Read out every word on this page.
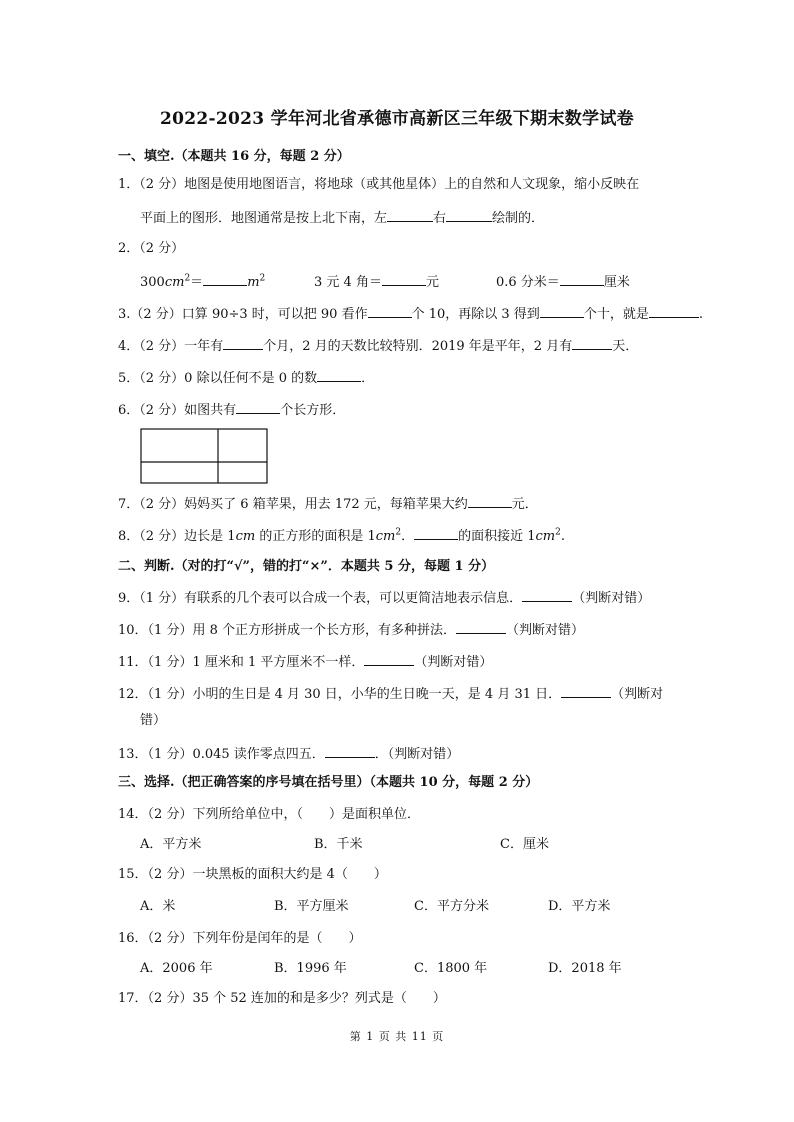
2022-2023 学年河北省承德市高新区三年级下期末数学试卷
一、填空.（本题共 16 分，每题 2 分）
1．（2 分）地图是使用地图语言，将地球（或其他星体）上的自然和人文现象，缩小反映在
平面上的图形．地图通常是按上北下南，左	右	绘制的．
2．（2 分）
$300cm^2=$	$m^2$	3 元 4 角＝	元	0.6 分米＝	厘米
3.（2 分）口算 90÷3 时，可以把 90 看作	个 10，再除以 3 得到	个十，就是	.
4．（2 分）一年有	个月，2 月的天数比较特别．2019 年是平年，2 月有	天．
5．（2 分）0 除以任何不是 0 的数	．
6．（2 分）如图共有	个长方形．
7．（2 分）妈妈买了 6 箱苹果，用去 172 元，每箱苹果大约	元．
8．（2 分）边长是 1cm 的正方形的面积是 $1cm^2$．	的面积接近 $1cm^2$.
二、判断.（对的打“√”，错的打“×”．本题共 5 分，每题 1 分）
9．（1 分）有联系的几个表可以合成一个表，可以更简洁地表示信息．	（判断对错）
10．（1 分）用 8 个正方形拼成一个长方形，有多种拼法．	（判断对错）
11．（1 分）1 厘米和 1 平方厘米不一样．	（判断对错）
12．（1 分）小明的生日是 4 月 30 日，小华的生日晚一天，是 4 月 31 日．	（判断对
错）
13．（1 分）0.045 读作零点四五．	．（判断对错）
三、选择.（把正确答案的序号填在括号里）（本题共 10 分，每题 2 分）
14．（2 分）下列所给单位中，（　　）是面积单位．
A．平方米	B．千米	C．厘米
15．（2 分）一块黑板的面积大约是 4（　　）
A．米	B．平方厘米	C．平方分米	D．平方米
16．（2 分）下列年份是闰年的是（　　）
A．2006 年	B．1996 年	C．1800 年	D．2018 年
17．（2 分）35 个 52 连加的和是多少？列式是（　　）
第 1 页 共 11 页
